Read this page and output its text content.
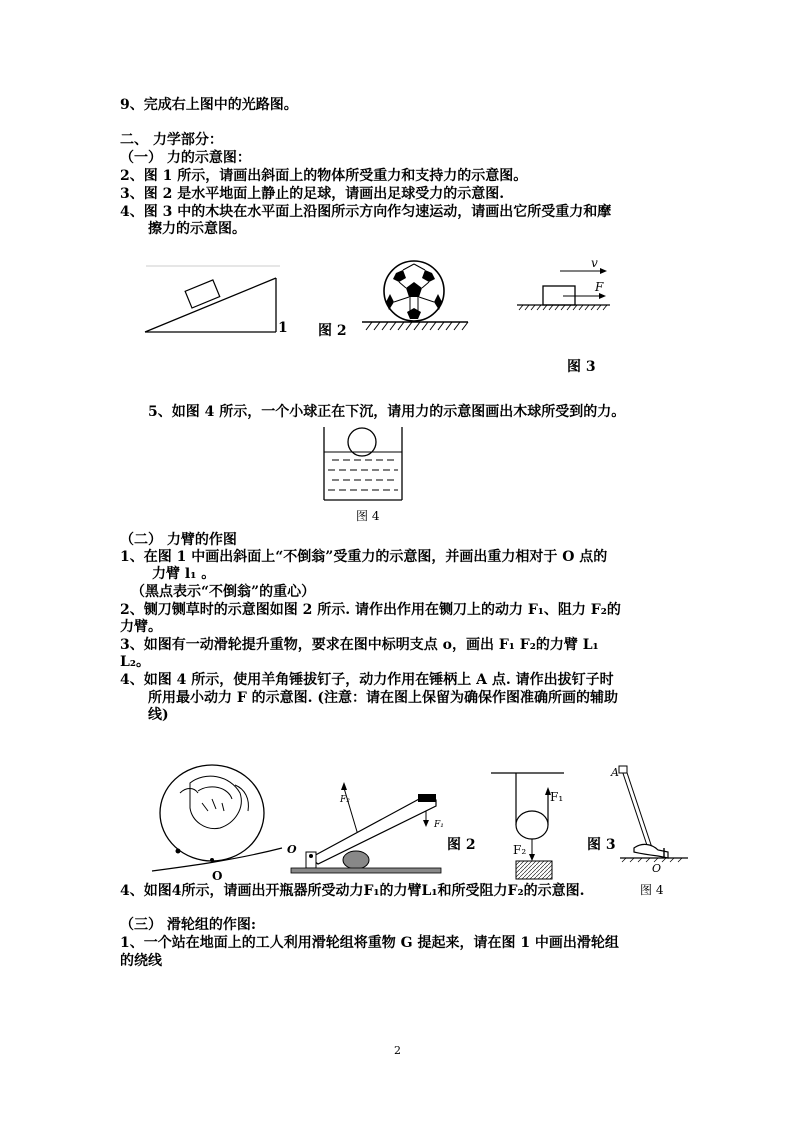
9、完成右上图中的光路图。
二、 力学部分：
（一） 力的示意图：
2、图 1 所示，请画出斜面上的物体所受重力和支持力的示意图。
3、图 2 是水平地面上静止的足球，请画出足球受力的示意图.
4、图 3 中的木块在水平面上沿图所示方向作匀速运动，请画出它所受重力和摩
擦力的示意图。
1 图 2
v
F
图 3
5、如图 4 所示，一个小球正在下沉，请用力的示意图画出木球所受到的力。
图 4
（二） 力臂的作图
1、在图 1 中画出斜面上“不倒翁”受重力的示意图，并画出重力相对于 O 点的
力臂 l₁ 。
（黑点表示“不倒翁”的重心）
2、铡刀铡草时的示意图如图 2 所示. 请作出作用在铡刀上的动力 F₁、阻力 F₂的
力臂。
3、如图有一动滑轮提升重物，要求在图中标明支点 o，画出 F₁ F₂的力臂 L₁
L₂。
4、如图 4 所示，使用羊角锤拔钉子，动力作用在锤柄上 A 点. 请作出拔钉子时
所用最小动力 F 的示意图. (注意：请在图上保留为确保作图准确所画的辅助
线)
O
F₂
F₁
O	图 2
F₁
F₂	图 3
A
O
4、如图4所示，请画出开瓶器所受动力F₁的力臂L₁和所受阻力F₂的示意图.	图 4
（三） 滑轮组的作图:
1、一个站在地面上的工人利用滑轮组将重物 G 提起来，请在图 1 中画出滑轮组
的绕线
2
